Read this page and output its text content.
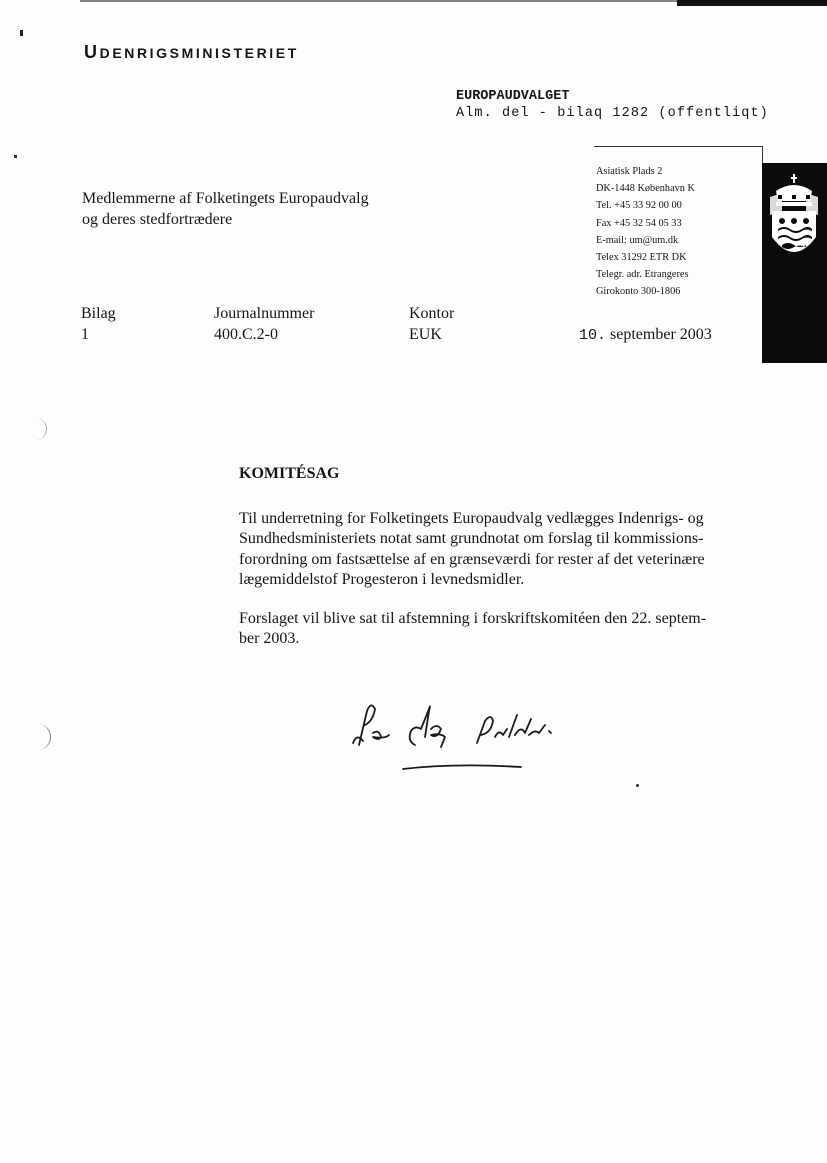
UDENRIGSMINISTERIET
EUROPAUDVALGET
Alm. del - bilaq 1282 (offentliqt)
Asiatisk Plads 2
DK-1448 København K
Tel. +45 33 92 00 00
Fax +45 32 54 05 33
E-mail: um@um.dk
Telex 31292 ETR DK
Telegr. adr. Etrangeres
Girokonto 300-1806
Medlemmerne af Folketingets Europaudvalg
og deres stedfortrædere
Bilag
1
Journalnummer
400.C.2-0
Kontor
EUK	10. september 2003
KOMITÉSAG
Til underretning for Folketingets Europaudvalg vedlægges Indenrigs- og
Sundhedsministeriets notat samt grundnotat om forslag til kommissions-
forordning om fastsættelse af en grænseværdi for rester af det veterinære
lægemiddelstof Progesteron i levnedsmidler.
Forslaget vil blive sat til afstemning i forskriftskomitéen den 22. septem-
ber 2003.
